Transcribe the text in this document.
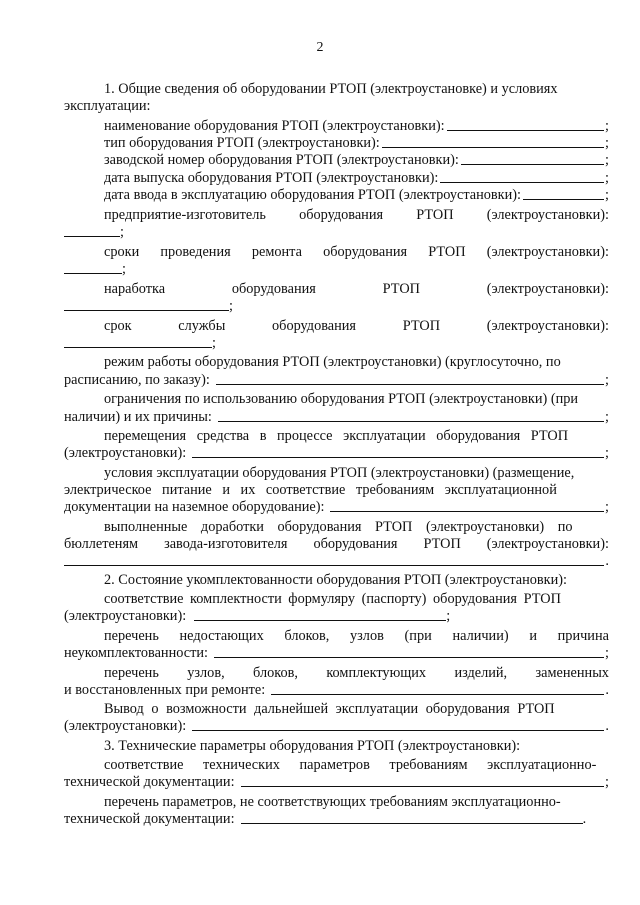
2
1. Общие сведения об оборудовании РТОП (электроустановке) и условиях
эксплуатации:
наименование оборудования РТОП (электроустановки):	;
тип оборудования РТОП (электроустановки):	;
заводской номер оборудования РТОП (электроустановки):	;
дата выпуска оборудования РТОП (электроустановки):	;
дата ввода в эксплуатацию оборудования РТОП (электроустановки):	;
предприятие-изготовитель оборудования РТОП (электроустановки):
;
сроки проведения ремонта оборудования РТОП (электроустановки):
;
наработка	оборудования	РТОП	(электроустановки):
;
срок	службы	оборудования	РТОП	(электроустановки):
;
режим работы оборудования РТОП (электроустановки) (круглосуточно, по
расписанию, по заказу):	;
ограничения по использованию оборудования РТОП (электроустановки) (при
наличии) и их причины:	;
перемещения средства в процессе эксплуатации оборудования РТОП
(электроустановки):	;
условия эксплуатации оборудования РТОП (электроустановки) (размещение,
электрическое питание и их соответствие требованиям эксплуатационной
документации на наземное оборудование):	;
выполненные доработки оборудования РТОП (электроустановки) по
бюллетеням завода-изготовителя оборудования РТОП (электроустановки):
.
2. Состояние укомплектованности оборудования РТОП (электроустановки):
соответствие комплектности формуляру (паспорту) оборудования РТОП
(электроустановки):	;
перечень недостающих блоков, узлов (при наличии) и причина
неукомплектованности:	;
перечень узлов, блоков, комплектующих изделий, замененных
и восстановленных при ремонте:	.
Вывод о возможности дальнейшей эксплуатации оборудования РТОП
(электроустановки):	.
3. Технические параметры оборудования РТОП (электроустановки):
соответствие технических параметров требованиям эксплуатационно-
технической документации:	;
перечень параметров, не соответствующих требованиям эксплуатационно-
технической документации:	.
